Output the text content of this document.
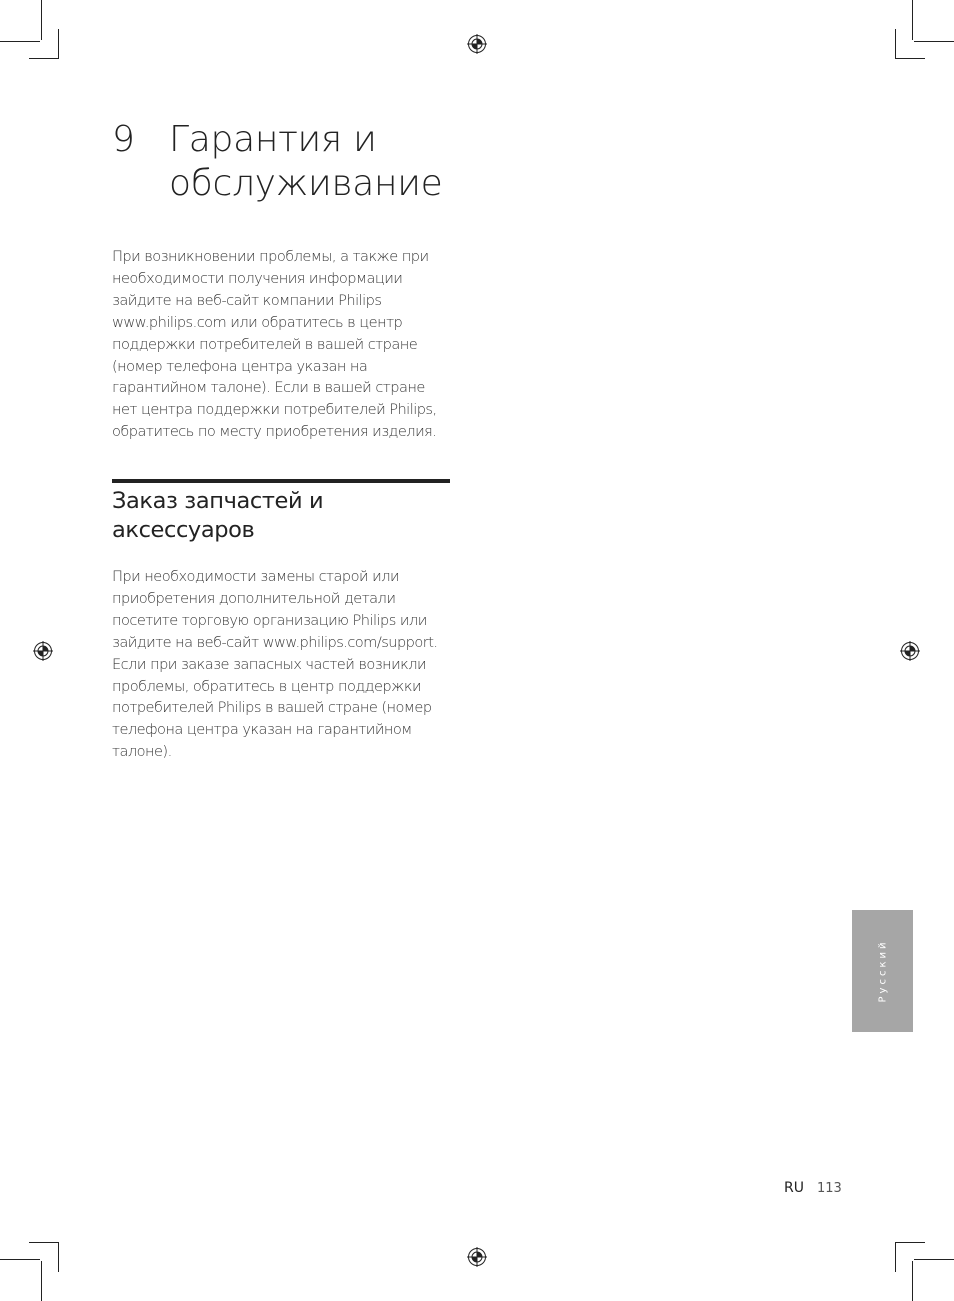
9 Гарантия и
обслуживание
При возникновении проблемы, а также при
необходимости получения информации
зайдите на веб-сайт компании Philips
www.philips.com или обратитесь в центр
поддержки потребителей в вашей стране
(номер телефона центра указан на
гарантийном талоне). Если в вашей стране
нет центра поддержки потребителей Philips,
обратитесь по месту приобретения изделия.
Заказ запчастей и
аксессуаров
При необходимости замены старой или
приобретения дополнительной детали
посетите торговую организацию Philips или
зайдите на веб-сайт www.philips.com/support.
Если при заказе запасных частей возникли
проблемы, обратитесь в центр поддержки
потребителей Philips в вашей стране (номер
телефона центра указан на гарантийном
талоне).
Русский
RU 113
